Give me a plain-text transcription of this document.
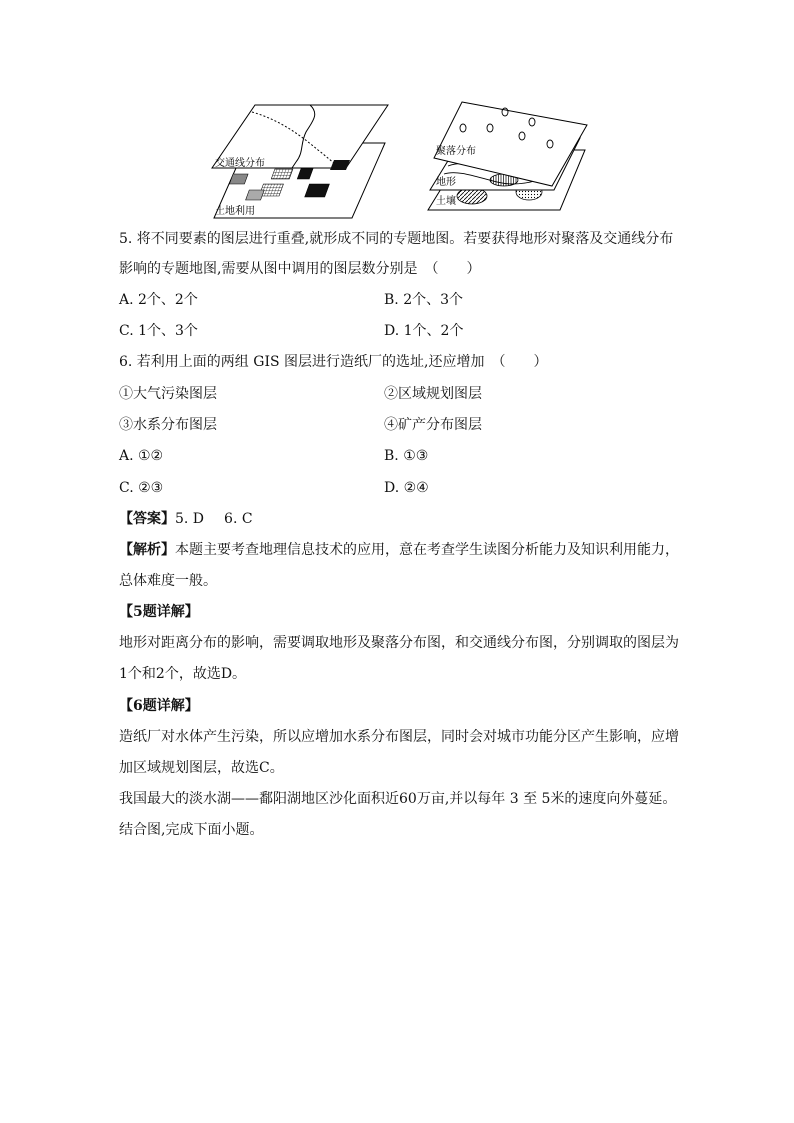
交通线分布
土地利用
聚落分布
地形
土壤
5. 将不同要素的图层进行重叠,就形成不同的专题地图。若要获得地形对聚落及交通线分布
影响的专题地图,需要从图中调用的图层数分别是　（　　）
A. 2个、2个	B. 2个、3个
C. 1个、3个	D. 1个、2个
6. 若利用上面的两组 GIS 图层进行造纸厂的选址,还应增加　（　　）
①大气污染图层	②区域规划图层
③水系分布图层	④矿产分布图层
A. ①②	B. ①③
C. ②③	D. ②④
【答案】5. D 6. C
【解析】本题主要考查地理信息技术的应用，意在考查学生读图分析能力及知识利用能力，
总体难度一般。
【5题详解】
地形对距离分布的影响，需要调取地形及聚落分布图，和交通线分布图，分别调取的图层为
1个和2个，故选D。
【6题详解】
造纸厂对水体产生污染，所以应增加水系分布图层，同时会对城市功能分区产生影响，应增
加区域规划图层，故选C。
我国最大的淡水湖——鄱阳湖地区沙化面积近60万亩,并以每年 3 至 5米的速度向外蔓延。
结合图,完成下面小题。
